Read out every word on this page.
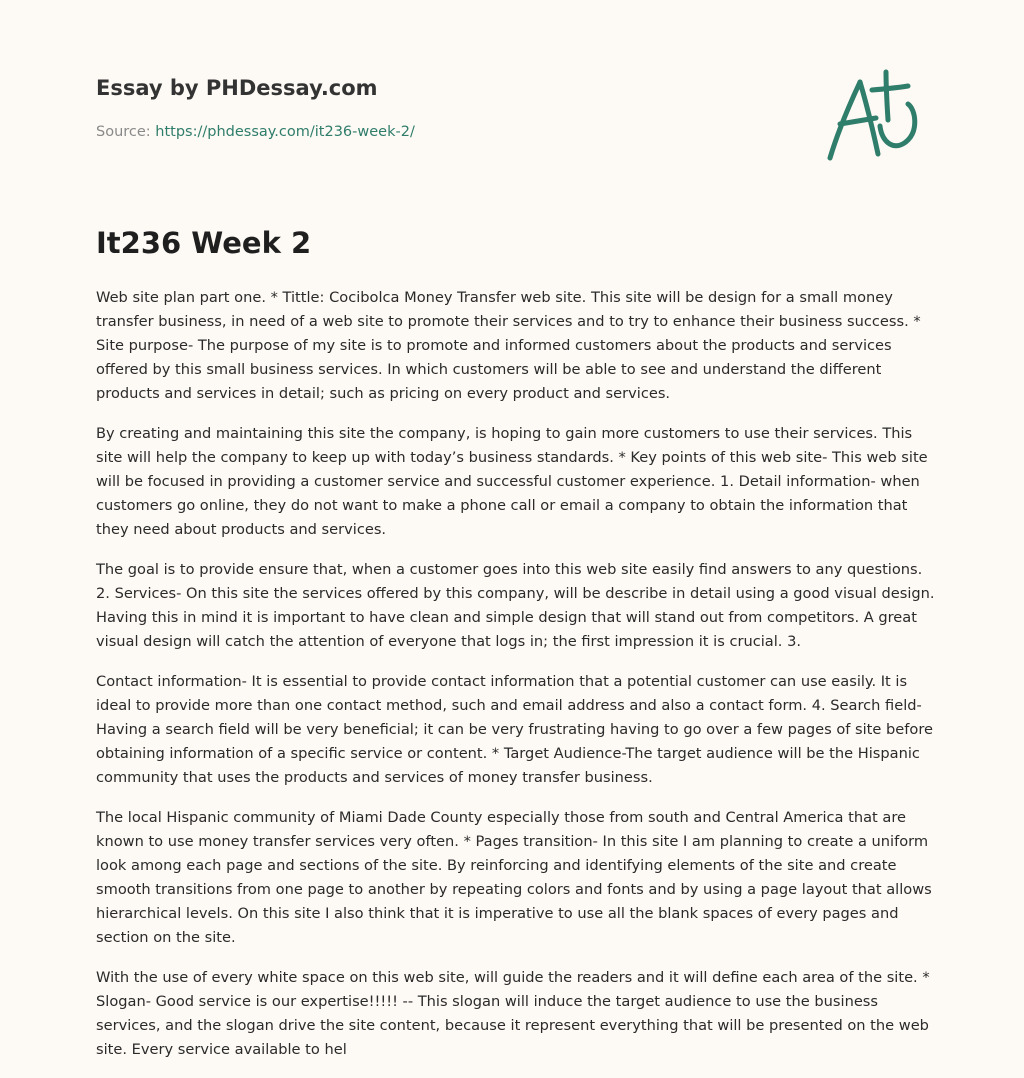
Essay by PHDessay.com

Source: https://phdessay.com/it236-week-2/

It236 Week 2

Web site plan part one. * Tittle: Cocibolca Money Transfer web site. This site will be design for a small money transfer business, in need of a web site to promote their services and to try to enhance their business success. * Site purpose- The purpose of my site is to promote and informed customers about the products and services offered by this small business services. In which customers will be able to see and understand the different products and services in detail; such as pricing on every product and services.

By creating and maintaining this site the company, is hoping to gain more customers to use their services. This site will help the company to keep up with today’s business standards. * Key points of this web site- This web site will be focused in providing a customer service and successful customer experience. 1. Detail information- when customers go online, they do not want to make a phone call or email a company to obtain the information that they need about products and services.

The goal is to provide ensure that, when a customer goes into this web site easily find answers to any questions. 2. Services- On this site the services offered by this company, will be describe in detail using a good visual design. Having this in mind it is important to have clean and simple design that will stand out from competitors. A great visual design will catch the attention of everyone that logs in; the first impression it is crucial. 3.

Contact information- It is essential to provide contact information that a potential customer can use easily. It is ideal to provide more than one contact method, such and email address and also a contact form. 4. Search field- Having a search field will be very beneficial; it can be very frustrating having to go over a few pages of site before obtaining information of a specific service or content. * Target Audience-The target audience will be the Hispanic community that uses the products and services of money transfer business.

The local Hispanic community of Miami Dade County especially those from south and Central America that are known to use money transfer services very often. * Pages transition- In this site I am planning to create a uniform look among each page and sections of the site. By reinforcing and identifying elements of the site and create smooth transitions from one page to another by repeating colors and fonts and by using a page layout that allows hierarchical levels. On this site I also think that it is imperative to use all the blank spaces of every pages and section on the site.

With the use of every white space on this web site, will guide the readers and it will define each area of the site. * Slogan- Good service is our expertise!!!!! -- This slogan will induce the target audience to use the business services, and the slogan drive the site content, because it represent everything that will be presented on the web site. Every service available to hel
